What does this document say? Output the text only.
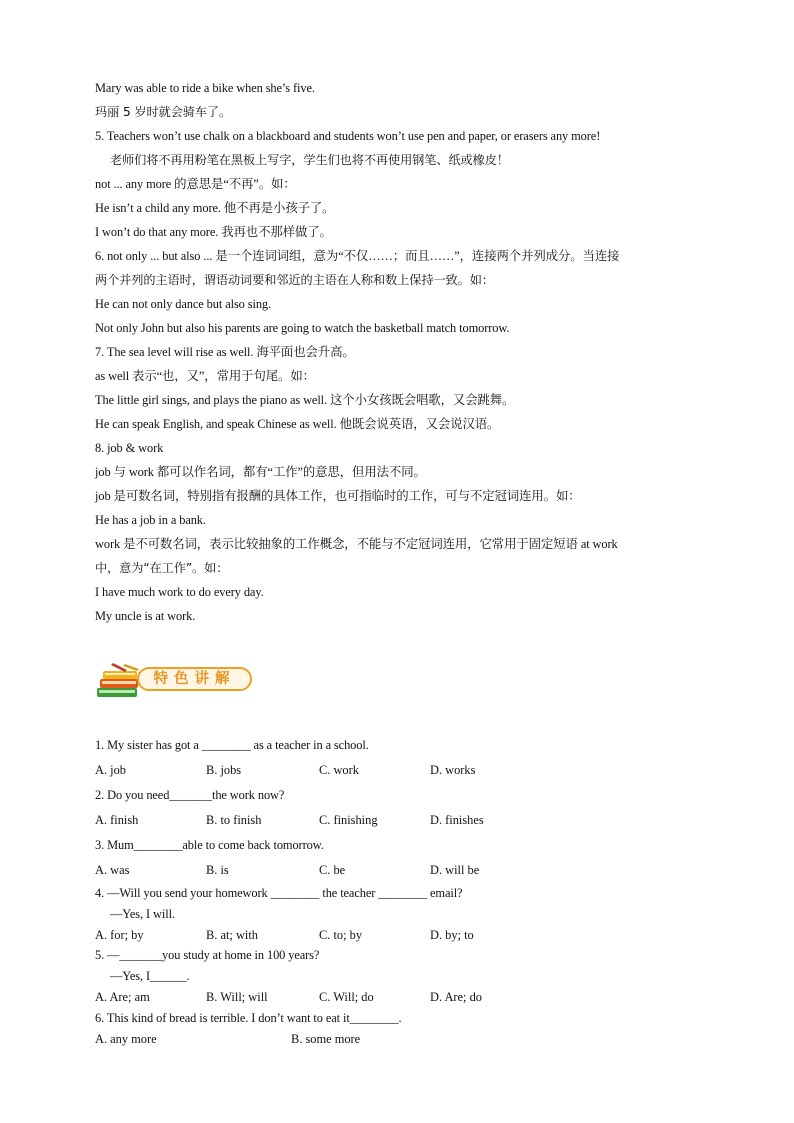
Mary was able to ride a bike when she’s five.
玛丽 5 岁时就会骑车了。
5. Teachers won’t use chalk on a blackboard and students won’t use pen and paper, or erasers any more!
老师们将不再用粉笔在黑板上写字，学生们也将不再使用钢笔、纸或橡皮！
not ... any more 的意思是“不再”。如：
He isn’t a child any more. 他不再是小孩子了。
I won’t do that any more. 我再也不那样做了。
6. not only ... but also ... 是一个连词词组，意为“不仅……；而且……”，连接两个并列成分。当连接
两个并列的主语时，谓语动词要和邻近的主语在人称和数上保持一致。如：
He can not only dance but also sing.
Not only John but also his parents are going to watch the basketball match tomorrow.
7. The sea level will rise as well. 海平面也会升高。
as well 表示“也，又”，常用于句尾。如：
The little girl sings, and plays the piano as well. 这个小女孩既会唱歌，又会跳舞。
He can speak English, and speak Chinese as well. 他既会说英语，又会说汉语。
8. job & work
job 与 work 都可以作名词，都有“工作”的意思，但用法不同。
job 是可数名词，特别指有报酬的具体工作，也可指临时的工作，可与不定冠词连用。如：
He has a job in a bank.
work 是不可数名词，表示比较抽象的工作概念，不能与不定冠词连用，它常用于固定短语 at work
中，意为“在工作”。如：
I have much work to do every day.
My uncle is at work.
特色讲解
1. My sister has got a ________ as a teacher in a school.
A. job	B. jobs	C. work	D. works
2. Do you need_______the work now?
A. finish	B. to finish	C. finishing	D. finishes
3. Mum________able to come back tomorrow.
A. was	B. is	C. be	D. will be
4. —Will you send your homework ________ the teacher ________ email?
—Yes, I will.
A. for; by	B. at; with	C. to; by	D. by; to
5. —_______you study at home in 100 years?
—Yes, I______.
A. Are; am	B. Will; will	C. Will; do	D. Are; do
6. This kind of bread is terrible. I don’t want to eat it________.
A. any more	B. some more
